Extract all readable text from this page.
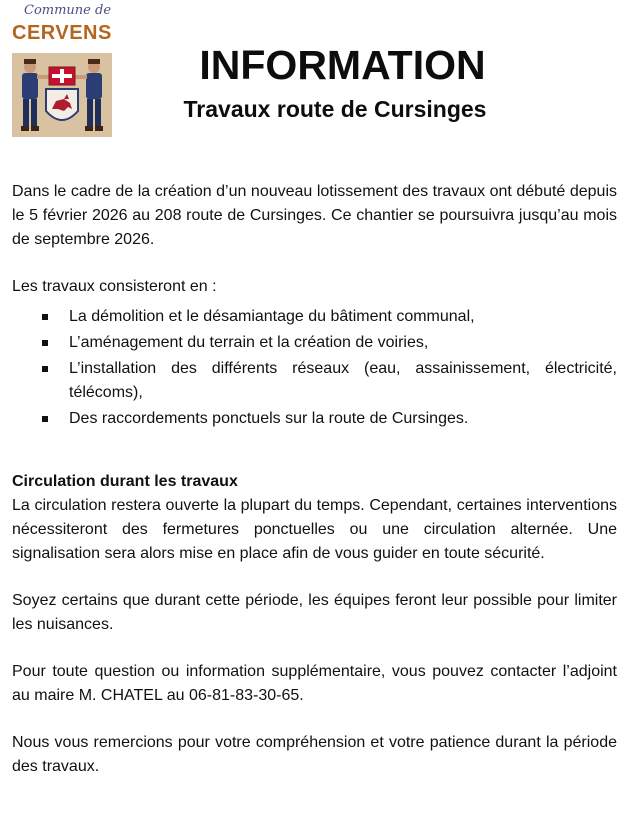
Commune de
CERVENS
INFORMATION
Travaux route de Cursinges

Dans le cadre de la création d’un nouveau lotissement des travaux ont débuté depuis le 5 février 2026 au 208 route de Cursinges. Ce chantier se poursuivra jusqu’au mois de septembre 2026.

Les travaux consisteront en :

La démolition et le désamiantage du bâtiment communal,
L’aménagement du terrain et la création de voiries,
L’installation des différents réseaux (eau, assainissement, électricité, télécoms),
Des raccordements ponctuels sur la route de Cursinges.

Circulation durant les travaux

La circulation restera ouverte la plupart du temps. Cependant, certaines interventions nécessiteront des fermetures ponctuelles ou une circulation alternée. Une signalisation sera alors mise en place afin de vous guider en toute sécurité.

Soyez certains que durant cette période, les équipes feront leur possible pour limiter les nuisances.

Pour toute question ou information supplémentaire, vous pouvez contacter l’adjoint au maire M. CHATEL au 06-81-83-30-65.

Nous vous remercions pour votre compréhension et votre patience durant la période des travaux.
